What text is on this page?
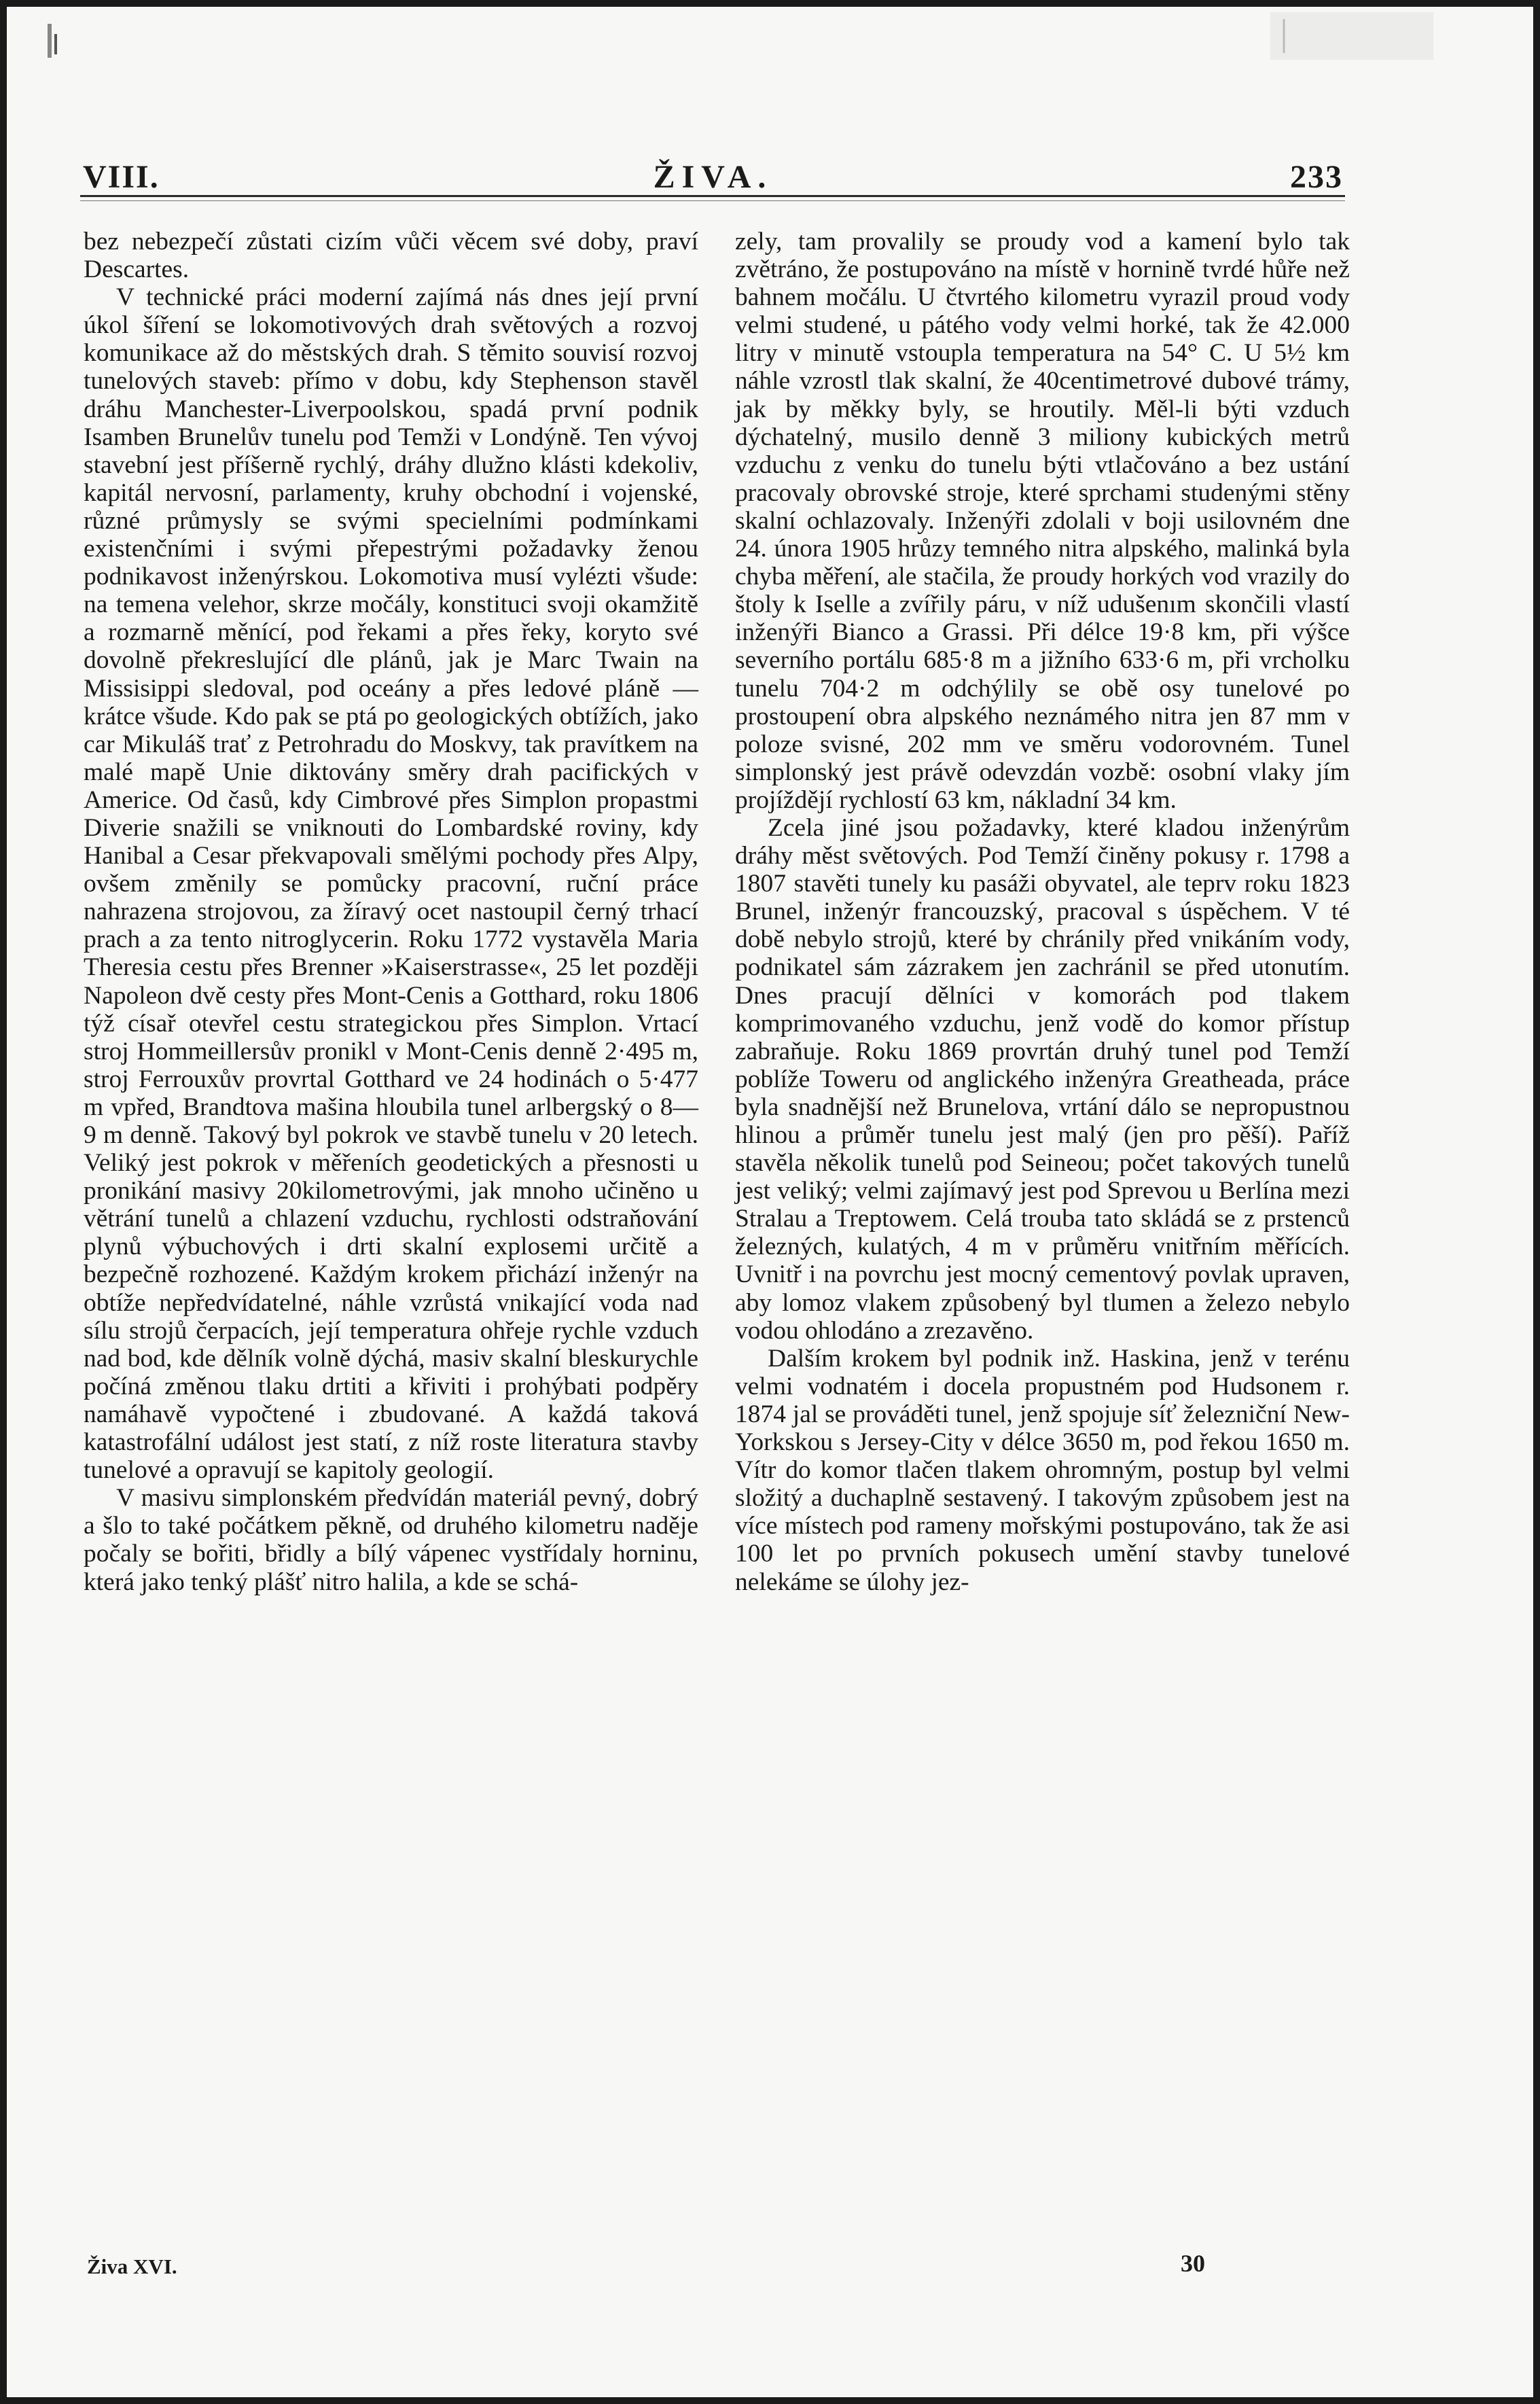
VIII.	ŽIVA.	233

bez nebezpečí zůstati cizím vůči věcem své doby, praví Descartes.

V technické práci moderní zajímá nás dnes její první úkol šíření se lokomotivových drah světových a rozvoj komunikace až do městských drah. S těmito souvisí rozvoj tunelových staveb: přímo v dobu, kdy Stephenson stavěl dráhu Manchester-Liverpoolskou, spadá první podnik Isamben Brunelův tunelu pod Temži v Londýně. Ten vývoj stavební jest příšerně rychlý, dráhy dlužno klásti kdekoliv, kapitál nervosní, parlamenty, kruhy obchodní i vojenské, různé průmysly se svými specielními podmínkami existenčními i svými přepestrými požadavky ženou podnikavost inženýrskou. Lokomotiva musí vylézti všude: na temena velehor, skrze močály, konstituci svoji okamžitě a rozmarně měnící, pod řekami a přes řeky, koryto své dovolně překreslující dle plánů, jak je Marc Twain na Missisippi sledoval, pod oceány a přes ledové pláně — krátce všude. Kdo pak se ptá po geologických obtížích, jako car Mikuláš trať z Petrohradu do Moskvy, tak pravítkem na malé mapě Unie diktovány směry drah pacifických v Americe. Od časů, kdy Cimbrové přes Simplon propastmi Diverie snažili se vniknouti do Lombardské roviny, kdy Hanibal a Cesar překvapovali smělými pochody přes Alpy, ovšem změnily se pomůcky pracovní, ruční práce nahrazena strojovou, za žíravý ocet nastoupil černý trhací prach a za tento nitroglycerin. Roku 1772 vystavěla Maria Theresia cestu přes Brenner »Kaiserstrasse«, 25 let později Napoleon dvě cesty přes Mont-Cenis a Gotthard, roku 1806 týž císař otevřel cestu strategickou přes Simplon. Vrtací stroj Hommeillersův pronikl v Mont-Cenis denně 2·495 m, stroj Ferrouxův provrtal Gotthard ve 24 hodinách o 5·477 m vpřed, Brandtova mašina hloubila tunel arlbergský o 8—9 m denně. Takový byl pokrok ve stavbě tunelu v 20 letech. Veliký jest pokrok v měřeních geodetických a přesnosti u pronikání masivy 20kilometrovými, jak mnoho učiněno u větrání tunelů a chlazení vzduchu, rychlosti odstraňování plynů výbuchových i drti skalní explosemi určitě a bezpečně rozhozené. Každým krokem přichází inženýr na obtíže nepředvídatelné, náhle vzrůstá vnikající voda nad sílu strojů čerpacích, její temperatura ohřeje rychle vzduch nad bod, kde dělník volně dýchá, masiv skalní bleskurychle počíná změnou tlaku drtiti a křiviti i prohýbati podpěry namáhavě vypočtené i zbudované. A každá taková katastrofální událost jest statí, z níž roste literatura stavby tunelové a opravují se kapitoly geologií.

V masivu simplonském předvídán materiál pevný, dobrý a šlo to také počátkem pěkně, od druhého kilometru naděje počaly se bořiti, břidly a bílý vápenec vystřídaly horninu, která jako tenký plášť nitro halila, a kde se schá-

zely, tam provalily se proudy vod a kamení bylo tak zvětráno, že postupováno na místě v hornině tvrdé hůře než bahnem močálu. U čtvrtého kilometru vyrazil proud vody velmi studené, u pátého vody velmi horké, tak že 42.000 litry v minutě vstoupla temperatura na 54° C. U 5½ km náhle vzrostl tlak skalní, že 40centimetrové dubové trámy, jak by měkky byly, se hroutily. Měl-li býti vzduch dýchatelný, musilo denně 3 miliony kubických metrů vzduchu z venku do tunelu býti vtlačováno a bez ustání pracovaly obrovské stroje, které sprchami studenými stěny skalní ochlazovaly. Inženýři zdolali v boji usilovném dne 24. února 1905 hrůzy temného nitra alpského, malinká byla chyba měření, ale stačila, že proudy horkých vod vrazily do štoly k Iselle a zvířily páru, v níž udušenım skončili vlastí inženýři Bianco a Grassi. Při délce 19·8 km, při výšce severního portálu 685·8 m a jižního 633·6 m, při vrcholku tunelu 704·2 m odchýlily se obě osy tunelové po prostoupení obra alpského neznámého nitra jen 87 mm v poloze svisné, 202 mm ve směru vodorovném. Tunel simplonský jest právě odevzdán vozbě: osobní vlaky jím projíždějí rychlostí 63 km, nákladní 34 km.

Zcela jiné jsou požadavky, které kladou inženýrům dráhy měst světových. Pod Temží činěny pokusy r. 1798 a 1807 stavěti tunely ku pasáži obyvatel, ale teprv roku 1823 Brunel, inženýr francouzský, pracoval s úspěchem. V té době nebylo strojů, které by chránily před vnikáním vody, podnikatel sám zázrakem jen zachránil se před utonutím. Dnes pracují dělníci v komorách pod tlakem komprimovaného vzduchu, jenž vodě do komor přístup zabraňuje. Roku 1869 provrtán druhý tunel pod Temží poblíže Toweru od anglického inženýra Greatheada, práce byla snadnější než Brunelova, vrtání dálo se nepropustnou hlinou a průměr tunelu jest malý (jen pro pěší). Paříž stavěla několik tunelů pod Seineou; počet takových tunelů jest veliký; velmi zajímavý jest pod Sprevou u Berlína mezi Stralau a Treptowem. Celá trouba tato skládá se z prstenců železných, kulatých, 4 m v průměru vnitřním měřících. Uvnitř i na povrchu jest mocný cementový povlak upraven, aby lomoz vlakem způsobený byl tlumen a železo nebylo vodou ohlodáno a zrezavěno.

Dalším krokem byl podnik inž. Haskina, jenž v terénu velmi vodnatém i docela propustném pod Hudsonem r. 1874 jal se prováděti tunel, jenž spojuje síť železniční New-Yorkskou s Jersey-City v délce 3650 m, pod řekou 1650 m. Vítr do komor tlačen tlakem ohromným, postup byl velmi složitý a duchaplně sestavený. I takovým způsobem jest na více místech pod rameny mořskými postupováno, tak že asi 100 let po prvních pokusech umění stavby tunelové nelekáme se úlohy jez-

Živa XVI.	30
